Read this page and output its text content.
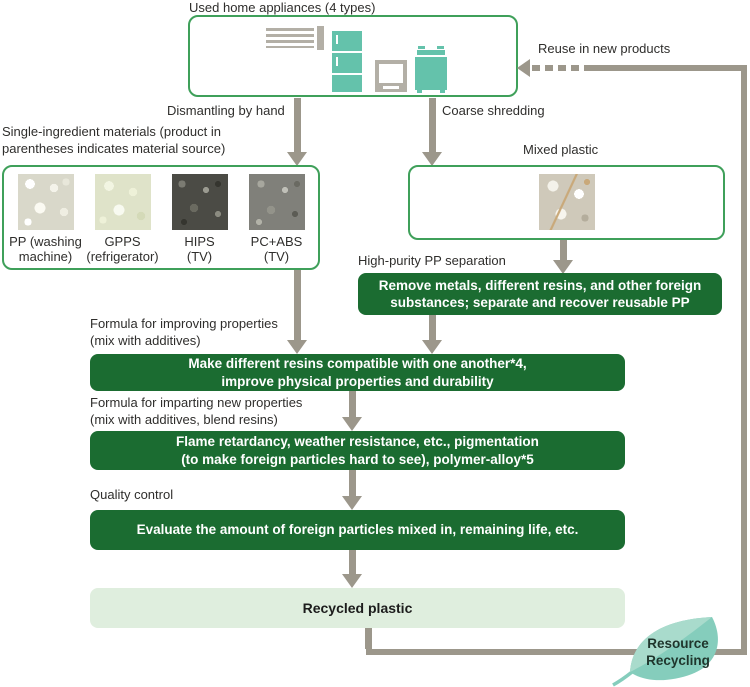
Used home appliances (4 types)
Reuse in new products
Dismantling by hand	Coarse shredding
Single-ingredient materials (product in
parentheses indicates material source)
PP (washing
machine)
GPPS
(refrigerator)
HIPS
(TV)
PC+ABS
(TV)
Mixed plastic
High-purity PP separation
Remove metals, different resins, and other foreign
substances; separate and recover reusable PP
Formula for improving properties
(mix with additives)
Make different resins compatible with one another*4,
improve physical properties and durability
Formula for imparting new properties
(mix with additives, blend resins)
Flame retardancy, weather resistance, etc., pigmentation
(to make foreign particles hard to see), polymer-alloy*5
Quality control
Evaluate the amount of foreign particles mixed in, remaining life, etc.
Recycled plastic
Resource
Recycling
